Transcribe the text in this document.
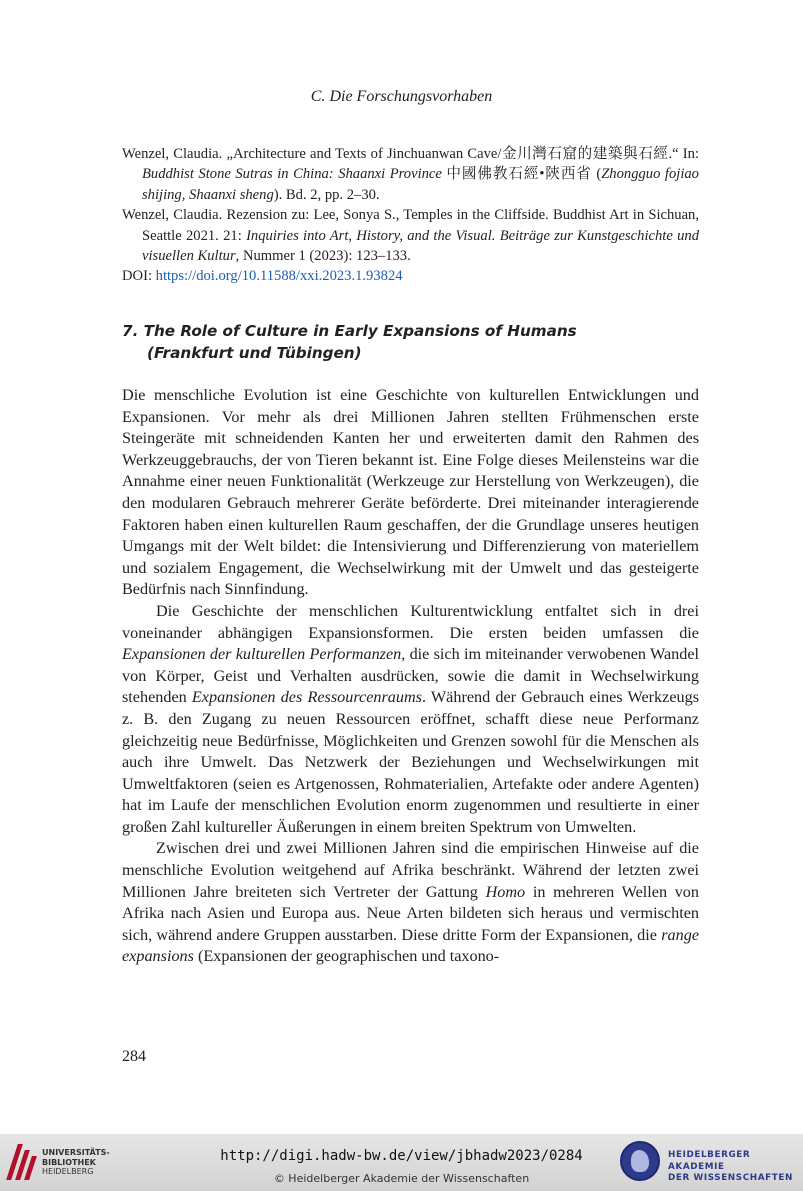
C. Die Forschungsvorhaben
Wenzel, Claudia. „Architecture and Texts of Jinchuanwan Cave/金川灣石窟的建築與石經.“ In: Buddhist Stone Sutras in China: Shaanxi Province 中國佛教石經•陝西省 (Zhongguo fojiao shijing, Shaanxi sheng). Bd. 2, pp. 2–30.
Wenzel, Claudia. Rezension zu: Lee, Sonya S., Temples in the Cliffside. Buddhist Art in Sichuan, Seattle 2021. 21: Inquiries into Art, History, and the Visual. Beiträge zur Kunstgeschichte und visuellen Kultur, Nummer 1 (2023): 123–133.
DOI: https://doi.org/10.11588/xxi.2023.1.93824
7. The Role of Culture in Early Expansions of Humans
(Frankfurt und Tübingen)

Die menschliche Evolution ist eine Geschichte von kulturellen Entwicklungen und Expansionen. Vor mehr als drei Millionen Jahren stellten Frühmenschen erste Steingeräte mit schneidenden Kanten her und erweiterten damit den Rahmen des Werkzeuggebrauchs, der von Tieren bekannt ist. Eine Folge dieses Meilensteins war die Annahme einer neuen Funktionalität (Werkzeuge zur Herstellung von Werkzeugen), die den modularen Gebrauch mehrerer Geräte beförderte. Drei miteinander interagierende Faktoren haben einen kulturellen Raum geschaffen, der die Grundlage unseres heutigen Umgangs mit der Welt bildet: die Intensivierung und Differenzierung von materiellem und sozialem Engagement, die Wechselwirkung mit der Umwelt und das gesteigerte Bedürfnis nach Sinnfindung.

Die Geschichte der menschlichen Kulturentwicklung entfaltet sich in drei voneinander abhängigen Expansionsformen. Die ersten beiden umfassen die Expansionen der kulturellen Performanzen, die sich im miteinander verwobenen Wandel von Körper, Geist und Verhalten ausdrücken, sowie die damit in Wechselwirkung stehenden Expansionen des Ressourcenraums. Während der Gebrauch eines Werkzeugs z. B. den Zugang zu neuen Ressourcen eröffnet, schafft diese neue Performanz gleichzeitig neue Bedürfnisse, Möglichkeiten und Grenzen sowohl für die Menschen als auch ihre Umwelt. Das Netzwerk der Beziehungen und Wechselwirkungen mit Umweltfaktoren (seien es Artgenossen, Rohmaterialien, Artefakte oder andere Agenten) hat im Laufe der menschlichen Evolution enorm zugenommen und resultierte in einer großen Zahl kultureller Äußerungen in einem breiten Spektrum von Umwelten.

Zwischen drei und zwei Millionen Jahren sind die empirischen Hinweise auf die menschliche Evolution weitgehend auf Afrika beschränkt. Während der letzten zwei Millionen Jahre breiteten sich Vertreter der Gattung Homo in mehreren Wellen von Afrika nach Asien und Europa aus. Neue Arten bildeten sich heraus und vermischten sich, während andere Gruppen ausstarben. Diese dritte Form der Expansionen, die range expansions (Expansionen der geographischen und taxono-

284
UNIVERSITÄTS-
BIBLIOTHEK
HEIDELBERG
http://digi.hadw-bw.de/view/jbhadw2023/0284
© Heidelberger Akademie der Wissenschaften
HEIDELBERGER AKADEMIE
DER WISSENSCHAFTEN
